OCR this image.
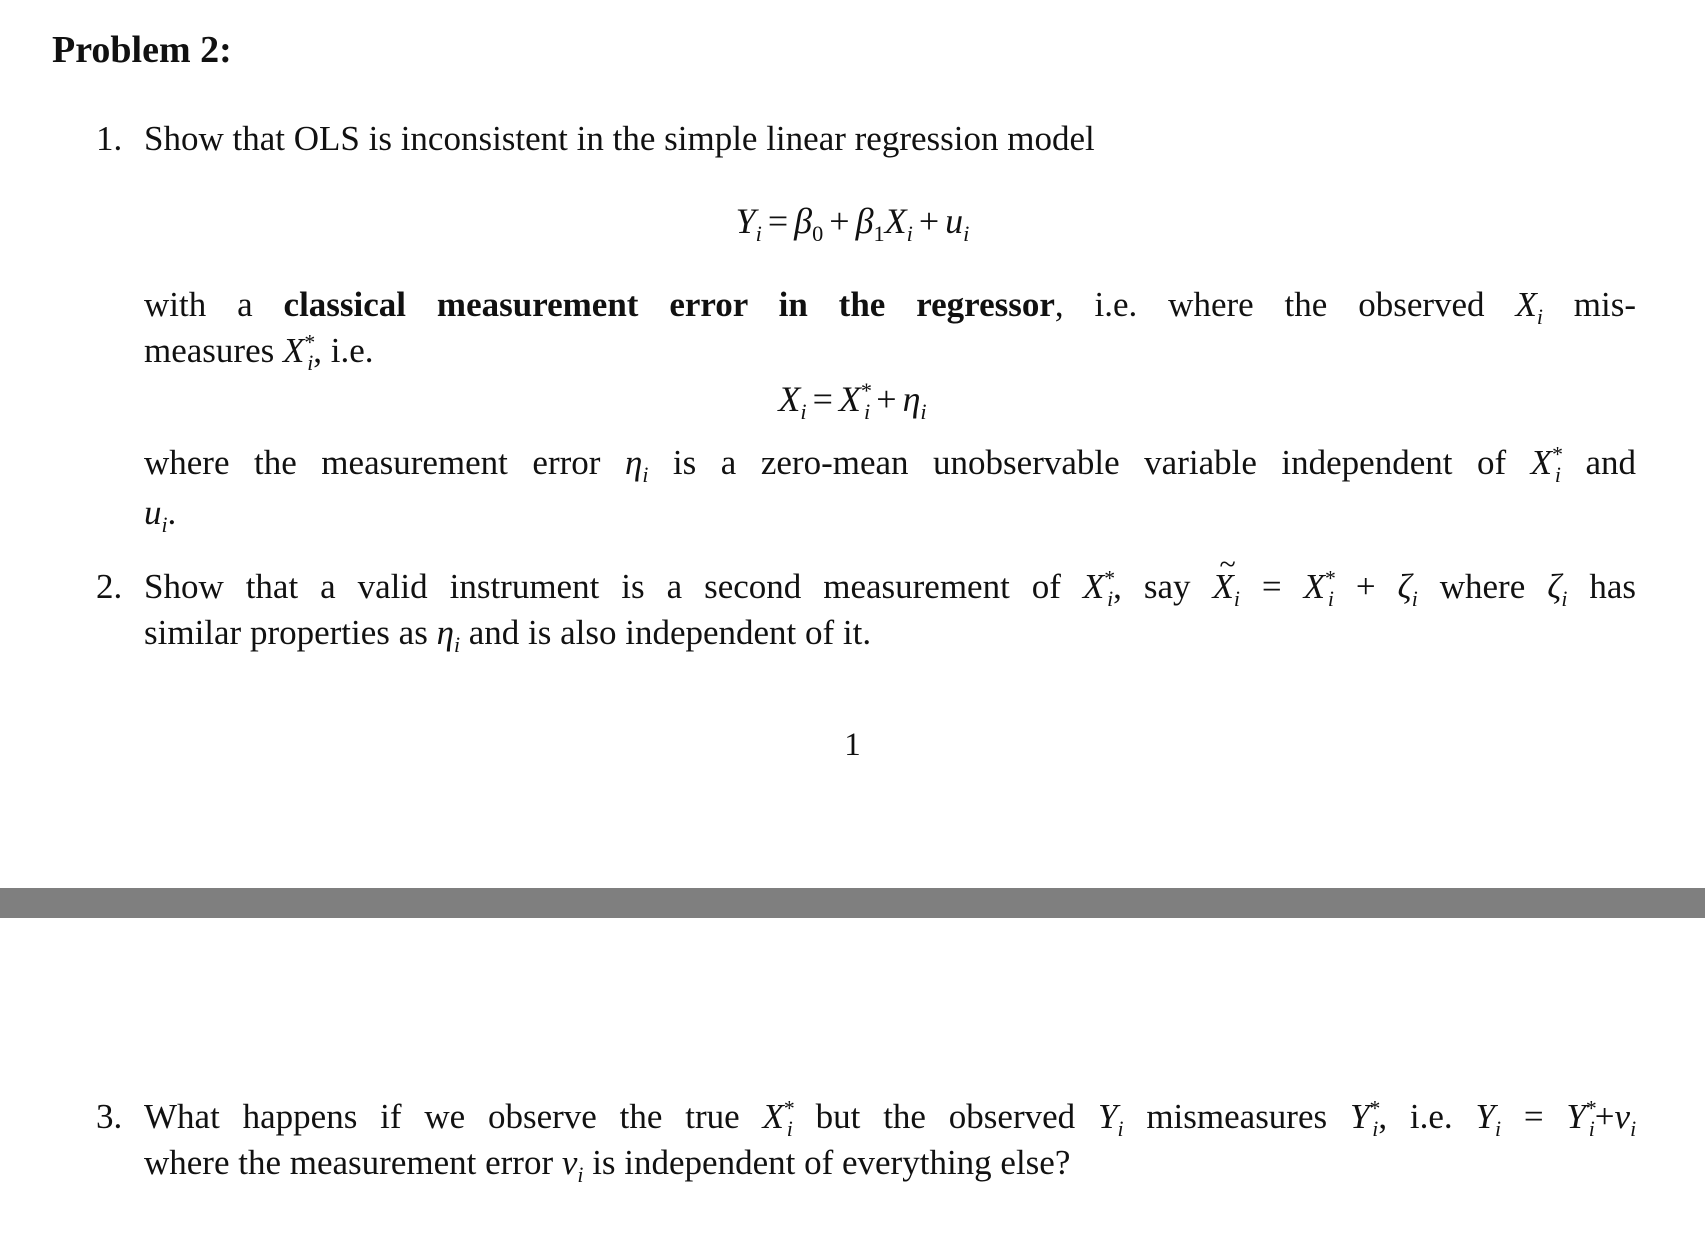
Problem 2:
1. Show that OLS is inconsistent in the simple linear regression model
$Y_i = \beta_0 + \beta_1X_i + u_i$
with a classical measurement error in the regressor, i.e. where the observed $X_i$ mis-
measures $X^*_i$, i.e.
$X_i = X^*_i + \eta_i$
where the measurement error $\eta_i$ is a zero-mean unobservable variable independent of $X^*_i$ and
$u_i$.
2. Show that a valid instrument is a second measurement of $X^*_i$, say ~ $X_i = X^*_i + \zeta_i$ where $\zeta_i$ has
similar properties as $\eta_i$ and is also independent of it.
1
3. What happens if we observe the true $X^*_i$ but the observed $Y_i$ mismeasures $Y^*_i$, i.e. $Y_i = Y^*_i+v_i$
where the measurement error $v_i$ is independent of everything else?
